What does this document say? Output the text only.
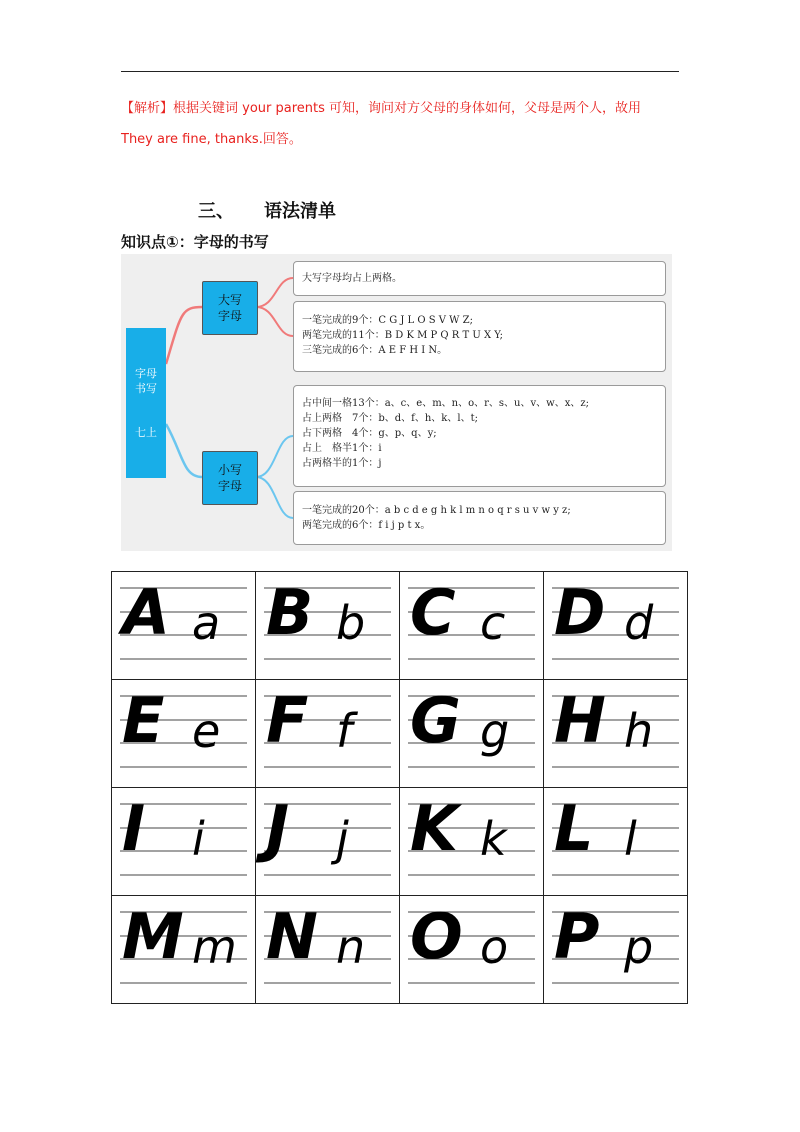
【解析】根据关键词 your parents 可知，询问对方父母的身体如何，父母是两个人，故用
They are fine, thanks.回答。
三、 语法清单
知识点①：字母的书写
字母
书写
七上
大写
字母
小写
字母
大写字母均占上两格。
一笔完成的9个：C G J L O S V W Z;
两笔完成的11个：B D K M P Q R T U X Y;
三笔完成的6个：A E F H I N。
占中间一格13个：a、c、e、m、n、o、r、s、u、v、w、x、z;
占上两格　7个：b、d、f、h、k、l、t;
占下两格　4个：g、p、q、y;
占上　格半1个：i
占两格半的1个：j
一笔完成的20个：a b c d e g h k l m n o q r s u v w y z;
两笔完成的6个：f i j p t x。
A a	B b	C c	D d

E e	F f	G g	H h

I i	J j	K k	L l

M m	N n	O o	P p
